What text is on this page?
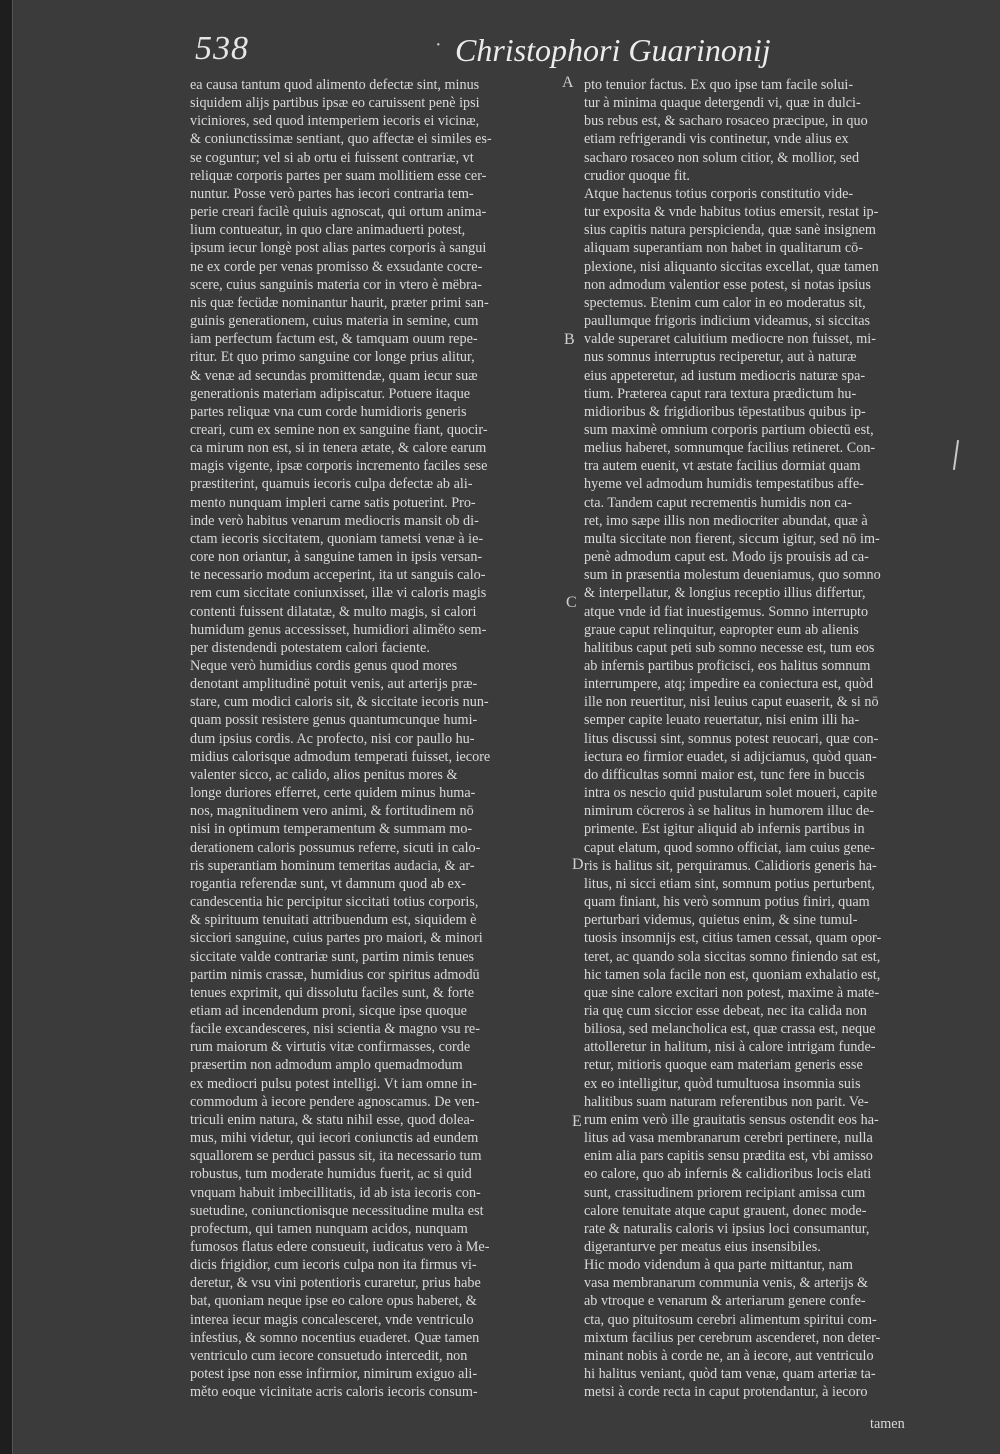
538	· Christophori Guarinonij
ea causa tantum quod alimento defectæ sint, minus
siquidem alijs partibus ipsæ eo caruissent penè ipsi
viciniores, sed quod intemperiem iecoris ei vicinæ,
& coniunctissimæ sentiant, quo affectæ ei similes es-
se coguntur; vel si ab ortu ei fuissent contrariæ, vt
reliquæ corporis partes per suam mollitiem esse cer-
nuntur. Posse verò partes has iecori contraria tem-
perie creari facilè quiuis agnoscat, qui ortum anima-
lium contueatur, in quo clare animaduerti potest,
ipsum iecur longè post alias partes corporis à sangui
ne ex corde per venas promisso & exsudante cocre-
scere, cuius sanguinis materia cor in vtero è mëbra-
nis quæ fecüdæ nominantur haurit, præter primi san-
guinis generationem, cuius materia in semine, cum
iam perfectum factum est, & tamquam ouum repe-
ritur. Et quo primo sanguine cor longe prius alitur,
& venæ ad secundas promittendæ, quam iecur suæ
generationis materiam adipiscatur. Potuere itaque
partes reliquæ vna cum corde humidioris generis
creari, cum ex semine non ex sanguine fiant, quocir-
ca mirum non est, si in tenera ætate, & calore earum
magis vigente, ipsæ corporis incremento faciles sese
præstiterint, quamuis iecoris culpa defectæ ab ali-
mento nunquam impleri carne satis potuerint. Pro-
inde verò habitus venarum mediocris mansit ob di-
ctam iecoris siccitatem, quoniam tametsi venæ à ie-
core non oriantur, à sanguine tamen in ipsis versan-
te necessario modum acceperint, ita ut sanguis calo-
rem cum siccitate coniunxisset, illæ vi caloris magis
contenti fuissent dilatatæ, & multo magis, si calori
humidum genus accessisset, humidiori aliměto sem-
per distendendi potestatem calori faciente.
Neque verò humidius cordis genus quod mores
denotant amplitudinë potuit venis, aut arterijs præ-
stare, cum modici caloris sit, & siccitate iecoris nun-
quam possit resistere genus quantumcunque humi-
dum ipsius cordis. Ac profecto, nisi cor paullo hu-
midius calorisque admodum temperati fuisset, iecore
valenter sicco, ac calido, alios penitus mores &
longe duriores efferret, certe quidem minus huma-
nos, magnitudinem vero animi, & fortitudinem nō
nisi in optimum temperamentum & summam mo-
derationem caloris possumus referre, sicuti in calo-
ris superantiam hominum temeritas audacia, & ar-
rogantia referendæ sunt, vt damnum quod ab ex-
candescentia hic percipitur siccitati totius corporis,
& spirituum tenuitati attribuendum est, siquidem è
sicciori sanguine, cuius partes pro maiori, & minori
siccitate valde contrariæ sunt, partim nimis tenues
partim nimis crassæ, humidius cor spiritus admodū
tenues exprimit, qui dissolutu faciles sunt, & forte
etiam ad incendendum proni, sicque ipse quoque
facile excandesceres, nisi scientia & magno vsu re-
rum maiorum & virtutis vitæ confirmasses, corde
præsertim non admodum amplo quemadmodum
ex mediocri pulsu potest intelligi. Vt iam omne in-
commodum à iecore pendere agnoscamus. De ven-
triculi enim natura, & statu nihil esse, quod dolea-
mus, mihi videtur, qui iecori coniunctis ad eundem
squallorem se perduci passus sit, ita necessario tum
robustus, tum moderate humidus fuerit, ac si quid
vnquam habuit imbecillitatis, id ab ista iecoris con-
suetudine, coniunctionisque necessitudine multa est
profectum, qui tamen nunquam acidos, nunquam
fumosos flatus edere consueuit, iudicatus vero à Me-
dicis frigidior, cum iecoris culpa non ita firmus vi-
deretur, & vsu vini potentioris curaretur, prius habe
bat, quoniam neque ipse eo calore opus haberet, &
interea iecur magis concalesceret, vnde ventriculo
infestius, & somno nocentius euaderet. Quæ tamen
ventriculo cum iecore consuetudo intercedit, non
potest ipse non esse infirmior, nimirum exiguo ali-
měto eoque vicinitate acris caloris iecoris consum-
pto tenuior factus. Ex quo ipse tam facile solui-
tur à minima quaque detergendi vi, quæ in dulci-
bus rebus est, & sacharo rosaceo præcipue, in quo
etiam refrigerandi vis continetur, vnde alius ex
sacharo rosaceo non solum citior, & mollior, sed
crudior quoque fit.
Atque hactenus totius corporis constitutio vide-
tur exposita & vnde habitus totius emersit, restat ip-
sius capitis natura perspicienda, quæ sanè insignem
aliquam superantiam non habet in qualitarum cō-
plexione, nisi aliquanto siccitas excellat, quæ tamen
non admodum valentior esse potest, si notas ipsius
spectemus. Etenim cum calor in eo moderatus sit,
paullumque frigoris indicium videamus, si siccitas
valde superaret caluitium mediocre non fuisset, mi-
nus somnus interruptus reciperetur, aut à naturæ
eius appeteretur, ad iustum mediocris naturæ spa-
tium. Præterea caput rara textura prædictum hu-
midioribus & frigidioribus tēpestatibus quibus ip-
sum maximè omnium corporis partium obiectū est,
melius haberet, somnumque facilius retineret. Con-
tra autem euenit, vt æstate facilius dormiat quam
hyeme vel admodum humidis tempestatibus affe-
cta. Tandem caput recrementis humidis non ca-
ret, imo sæpe illis non mediocriter abundat, quæ à
multa siccitate non fierent, siccum igitur, sed nō im-
penè admodum caput est. Modo ijs prouisis ad ca-
sum in præsentia molestum deueniamus, quo somno
& interpellatur, & longius receptio illius differtur,
atque vnde id fiat inuestigemus. Somno interrupto
graue caput relinquitur, eapropter eum ab alienis
halitibus caput peti sub somno necesse est, tum eos
ab infernis partibus proficisci, eos halitus somnum
interrumpere, atq; impedire ea coniectura est, quòd
ille non reuertitur, nisi leuius caput euaserit, & si nō
semper capite leuato reuertatur, nisi enim illi ha-
litus discussi sint, somnus potest reuocari, quæ con-
iectura eo firmior euadet, si adijciamus, quòd quan-
do difficultas somni maior est, tunc fere in buccis
intra os nescio quid pustularum solet moueri, capite
nimirum cöcreros à se halitus in humorem illuc de-
primente. Est igitur aliquid ab infernis partibus in
caput elatum, quod somno officiat, iam cuius gene-
ris is halitus sit, perquiramus. Calidioris generis ha-
litus, ni sicci etiam sint, somnum potius perturbent,
quam finiant, his verò somnum potius finiri, quam
perturbari videmus, quietus enim, & sine tumul-
tuosis insomnijs est, citius tamen cessat, quam opor-
teret, ac quando sola siccitas somno finiendo sat est,
hic tamen sola facile non est, quoniam exhalatio est,
quæ sine calore excitari non potest, maxime à mate-
ria quę cum siccior esse debeat, nec ita calida non
biliosa, sed melancholica est, quæ crassa est, neque
attolleretur in halitum, nisi à calore intrigam funde-
retur, mitioris quoque eam materiam generis esse
ex eo intelligitur, quòd tumultuosa insomnia suis
halitibus suam naturam referentibus non parit. Ve-
rum enim verò ille grauitatis sensus ostendit eos ha-
litus ad vasa membranarum cerebri pertinere, nulla
enim alia pars capitis sensu prædita est, vbi amisso
eo calore, quo ab infernis & calidioribus locis elati
sunt, crassitudinem priorem recipiant amissa cum
calore tenuitate atque caput grauent, donec mode-
rate & naturalis caloris vi ipsius loci consumantur,
digeranturve per meatus eius insensibiles.
Hic modo videndum à qua parte mittantur, nam
vasa membranarum communia venis, & arterijs &
ab vtroque e venarum & arteriarum genere confe-
cta, quo pituitosum cerebri alimentum spiritui com-
mixtum facilius per cerebrum ascenderet, non deter-
minant nobis à corde ne, an à iecore, aut ventriculo
hi halitus veniant, quòd tam venæ, quam arteriæ ta-
metsi à corde recta in caput protendantur, à iecoro
A
B
C
D
E
tamen
